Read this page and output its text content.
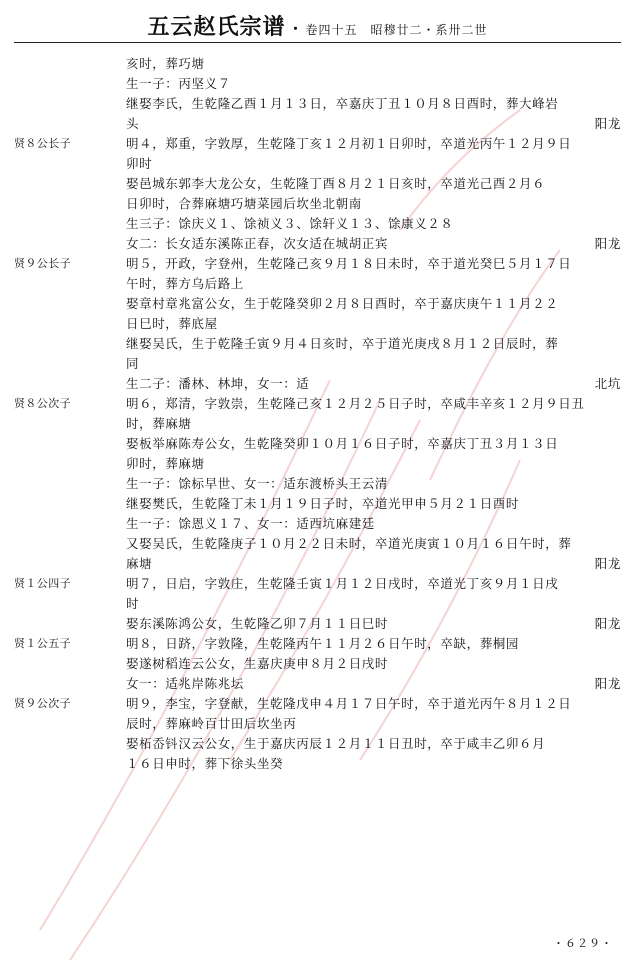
五云赵氏宗谱 ・ 卷四十五　昭穆廿二・系卅二世
亥时，葬巧塘
生一子：丙坚义７
继娶李氏，生乾隆乙酉１月１３日，卒嘉庆丁丑１０月８日酉时，葬大峰岩
头	阳龙
贤８公长子	明４，郑重，字敦厚，生乾隆丁亥１２月初１日卯时，卒道光丙午１２月９日
卯时
娶邑城东郭李大龙公女，生乾隆丁酉８月２１日亥时，卒道光己酉２月６
日卯时，合葬麻塘巧塘菜园后坎坐北朝南
生三子：馀庆义１、馀祯义３、馀轩义１３、馀康义２８
女二：长女适东溪陈正春，次女适在城胡正宾	阳龙
贤９公长子	明５，开政，字登州，生乾隆己亥９月１８日未时，卒于道光癸巳５月１７日
午时，葬方乌后路上
娶章村章兆富公女，生于乾隆癸卯２月８日酉时，卒于嘉庆庚午１１月２２
日巳时，葬底屋
继娶吴氏，生于乾隆壬寅９月４日亥时，卒于道光庚戌８月１２日辰时，葬
同
生二子：潘林、林坤，女一：适	北坑
贤８公次子	明６，郑清，字敦崇，生乾隆己亥１２月２５日子时，卒咸丰辛亥１２月９日丑
时，葬麻塘
娶板举麻陈寿公女，生乾隆癸卯１０月１６日子时，卒嘉庆丁丑３月１３日
卯时，葬麻塘
生一子：馀标早世、女一：适东渡桥头王云清
继娶樊氏，生乾隆丁未１月１９日子时，卒道光甲申５月２１日酉时
生一子：馀恩义１７、女一：适西坑麻建廷
又娶吴氏，生乾隆庚子１０月２２日未时，卒道光庚寅１０月１６日午时，葬
麻塘	阳龙
贤１公四子	明７，日启，字敦庄，生乾隆壬寅１月１２日戌时，卒道光丁亥９月１日戌
时
娶东溪陈鸿公女，生乾隆乙卯７月１１日巳时	阳龙
贤１公五子	明８，日跻，字敦隆，生乾隆丙午１１月２６日午时，卒缺，葬桐园
娶遂树稻连云公女，生嘉庆庚申８月２日戌时
女一：适兆岸陈兆坛	阳龙
贤９公次子	明９，李宝，字登献，生乾隆戊申４月１７日午时，卒于道光丙午８月１２日
辰时，葬麻岭百廿田后坎坐丙
娶柘岙钭汉云公女，生于嘉庆丙辰１２月１１日丑时，卒于咸丰乙卯６月
１６日申时，葬下徐头坐癸
・６２９・
